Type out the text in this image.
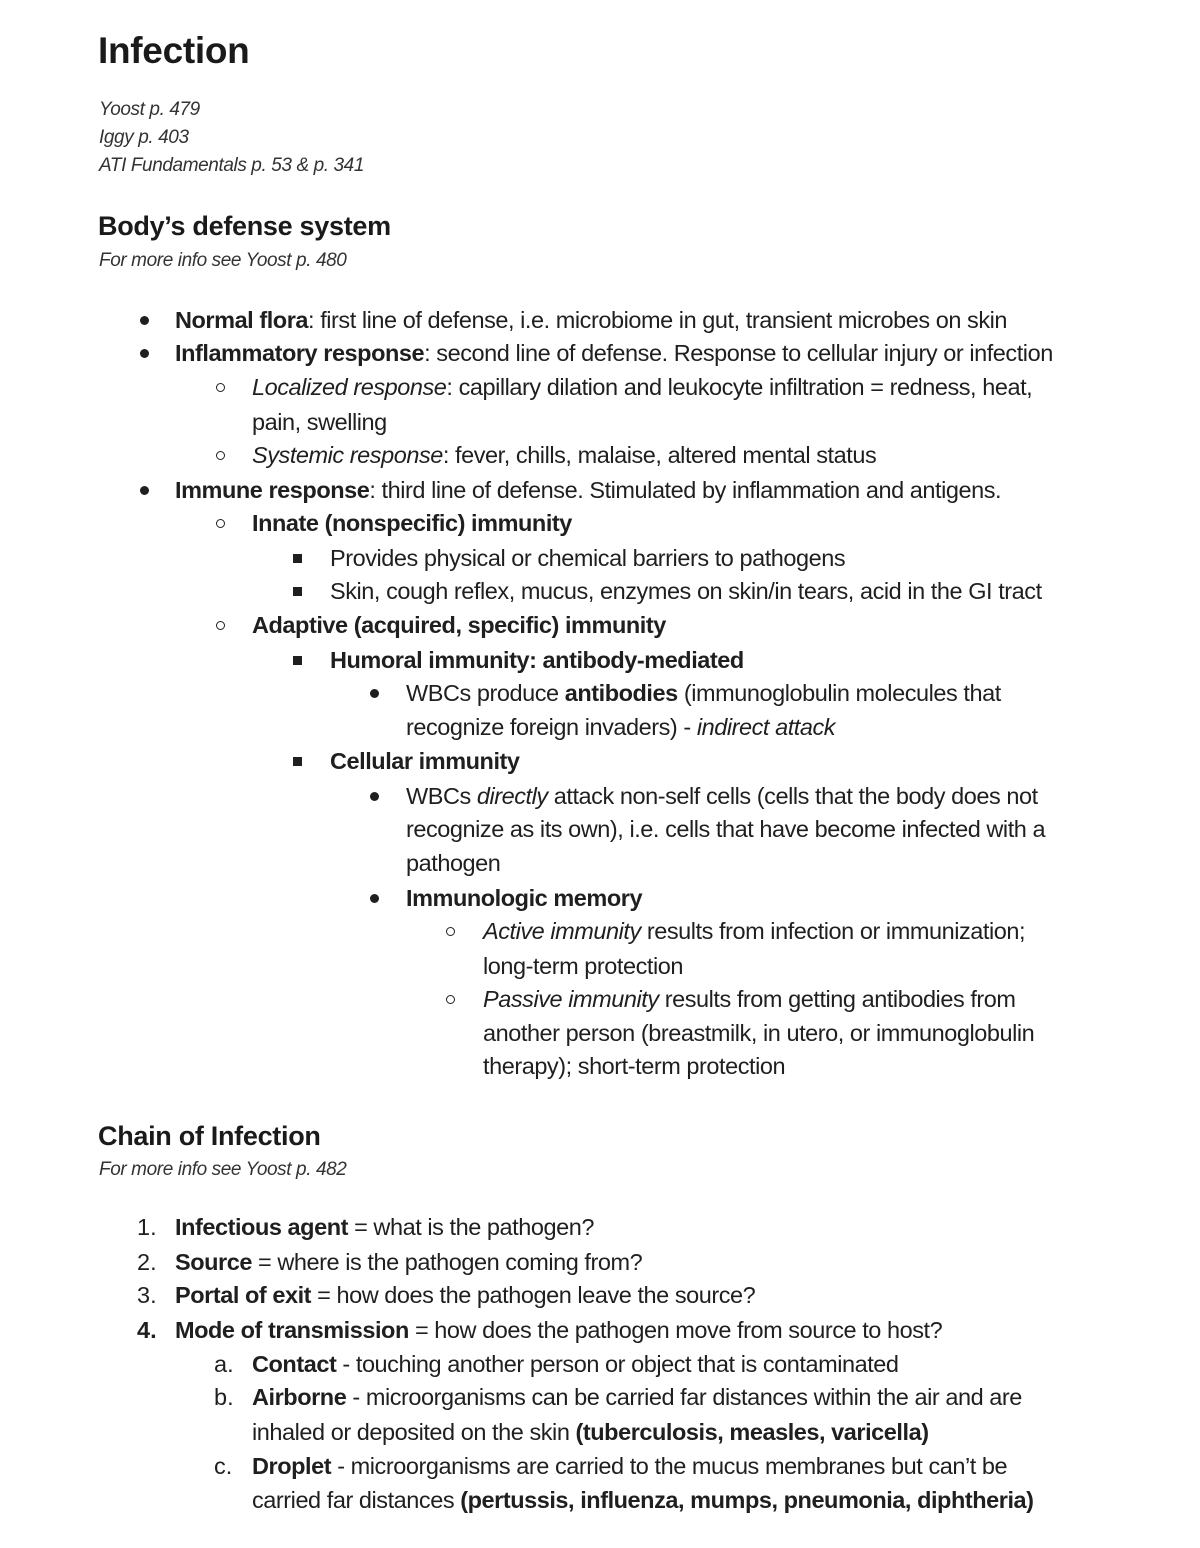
Infection
Yoost p. 479
Iggy p. 403
ATI Fundamentals p. 53 & p. 341
Body’s defense system
For more info see Yoost p. 480
Normal flora: first line of defense, i.e. microbiome in gut, transient microbes on skin
Inflammatory response: second line of defense. Response to cellular injury or infection
Localized response: capillary dilation and leukocyte infiltration = redness, heat,
pain, swelling
Systemic response: fever, chills, malaise, altered mental status
Immune response: third line of defense. Stimulated by inflammation and antigens.
Innate (nonspecific) immunity
Provides physical or chemical barriers to pathogens
Skin, cough reflex, mucus, enzymes on skin/in tears, acid in the GI tract
Adaptive (acquired, specific) immunity
Humoral immunity: antibody-mediated
WBCs produce antibodies (immunoglobulin molecules that
recognize foreign invaders) - indirect attack
Cellular immunity
WBCs directly attack non-self cells (cells that the body does not
recognize as its own), i.e. cells that have become infected with a
pathogen
Immunologic memory
Active immunity results from infection or immunization;
long-term protection
Passive immunity results from getting antibodies from
another person (breastmilk, in utero, or immunoglobulin
therapy); short-term protection
Chain of Infection
For more info see Yoost p. 482
1. Infectious agent = what is the pathogen?
2. Source = where is the pathogen coming from?
3. Portal of exit = how does the pathogen leave the source?
4. Mode of transmission = how does the pathogen move from source to host?
a. Contact - touching another person or object that is contaminated
b. Airborne - microorganisms can be carried far distances within the air and are
inhaled or deposited on the skin (tuberculosis, measles, varicella)
c. Droplet - microorganisms are carried to the mucus membranes but can’t be
carried far distances (pertussis, influenza, mumps, pneumonia, diphtheria)
